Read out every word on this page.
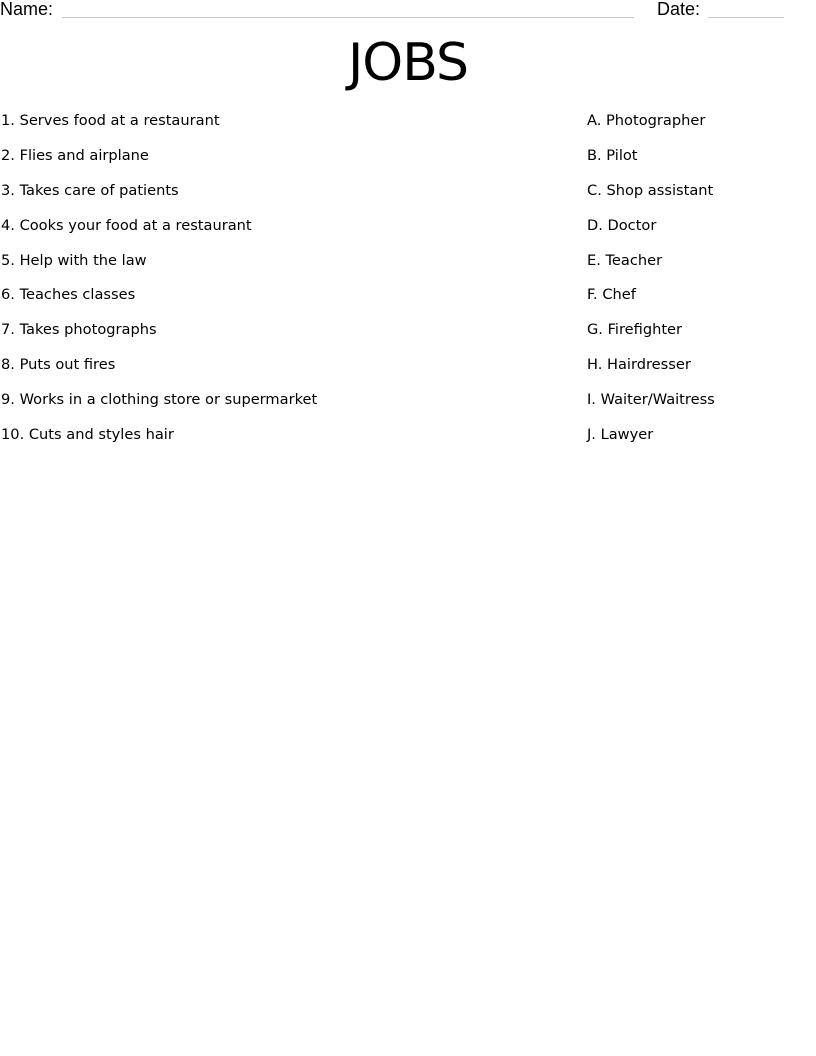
Name:	Date:
JOBS
1. Serves food at a restaurant
2. Flies and airplane
3. Takes care of patients
4. Cooks your food at a restaurant
5. Help with the law
6. Teaches classes
7. Takes photographs
8. Puts out fires
9. Works in a clothing store or supermarket
10. Cuts and styles hair
A. Photographer
B. Pilot
C. Shop assistant
D. Doctor
E. Teacher
F. Chef
G. Firefighter
H. Hairdresser
I. Waiter/Waitress
J. Lawyer
